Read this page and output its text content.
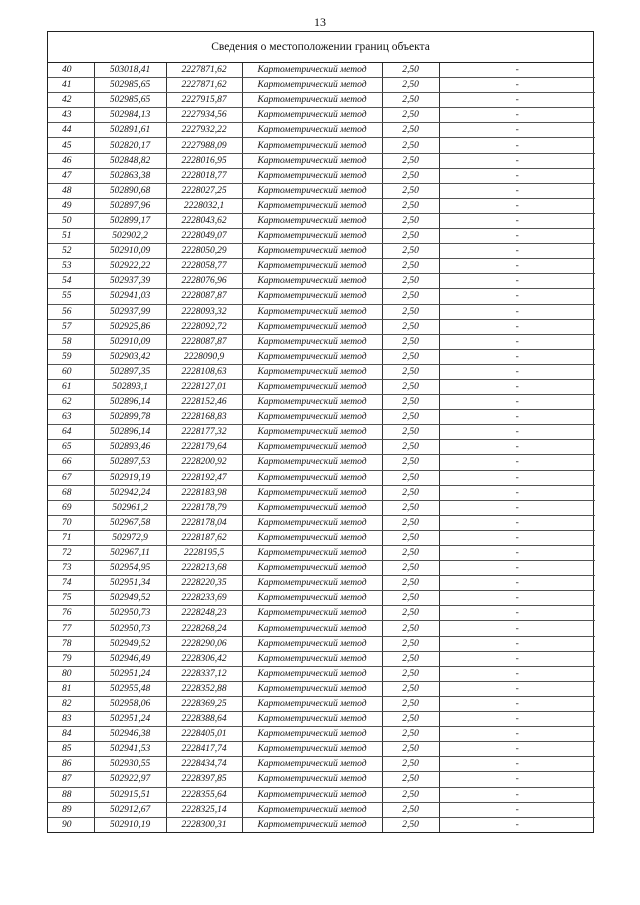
13
Сведения о местоположении границ объекта
40	503018,41	2227871,62	Картометрический метод	2,50	-
41	502985,65	2227871,62	Картометрический метод	2,50	-
42	502985,65	2227915,87	Картометрический метод	2,50	-
43	502984,13	2227934,56	Картометрический метод	2,50	-
44	502891,61	2227932,22	Картометрический метод	2,50	-
45	502820,17	2227988,09	Картометрический метод	2,50	-
46	502848,82	2228016,95	Картометрический метод	2,50	-
47	502863,38	2228018,77	Картометрический метод	2,50	-
48	502890,68	2228027,25	Картометрический метод	2,50	-
49	502897,96	2228032,1	Картометрический метод	2,50	-
50	502899,17	2228043,62	Картометрический метод	2,50	-
51	502902,2	2228049,07	Картометрический метод	2,50	-
52	502910,09	2228050,29	Картометрический метод	2,50	-
53	502922,22	2228058,77	Картометрический метод	2,50	-
54	502937,39	2228076,96	Картометрический метод	2,50	-
55	502941,03	2228087,87	Картометрический метод	2,50	-
56	502937,99	2228093,32	Картометрический метод	2,50	-
57	502925,86	2228092,72	Картометрический метод	2,50	-
58	502910,09	2228087,87	Картометрический метод	2,50	-
59	502903,42	2228090,9	Картометрический метод	2,50	-
60	502897,35	2228108,63	Картометрический метод	2,50	-
61	502893,1	2228127,01	Картометрический метод	2,50	-
62	502896,14	2228152,46	Картометрический метод	2,50	-
63	502899,78	2228168,83	Картометрический метод	2,50	-
64	502896,14	2228177,32	Картометрический метод	2,50	-
65	502893,46	2228179,64	Картометрический метод	2,50	-
66	502897,53	2228200,92	Картометрический метод	2,50	-
67	502919,19	2228192,47	Картометрический метод	2,50	-
68	502942,24	2228183,98	Картометрический метод	2,50	-
69	502961,2	2228178,79	Картометрический метод	2,50	-
70	502967,58	2228178,04	Картометрический метод	2,50	-
71	502972,9	2228187,62	Картометрический метод	2,50	-
72	502967,11	2228195,5	Картометрический метод	2,50	-
73	502954,95	2228213,68	Картометрический метод	2,50	-
74	502951,34	2228220,35	Картометрический метод	2,50	-
75	502949,52	2228233,69	Картометрический метод	2,50	-
76	502950,73	2228248,23	Картометрический метод	2,50	-
77	502950,73	2228268,24	Картометрический метод	2,50	-
78	502949,52	2228290,06	Картометрический метод	2,50	-
79	502946,49	2228306,42	Картометрический метод	2,50	-
80	502951,24	2228337,12	Картометрический метод	2,50	-
81	502955,48	2228352,88	Картометрический метод	2,50	-
82	502958,06	2228369,25	Картометрический метод	2,50	-
83	502951,24	2228388,64	Картометрический метод	2,50	-
84	502946,38	2228405,01	Картометрический метод	2,50	-
85	502941,53	2228417,74	Картометрический метод	2,50	-
86	502930,55	2228434,74	Картометрический метод	2,50	-
87	502922,97	2228397,85	Картометрический метод	2,50	-
88	502915,51	2228355,64	Картометрический метод	2,50	-
89	502912,67	2228325,14	Картометрический метод	2,50	-
90	502910,19	2228300,31	Картометрический метод	2,50	-
